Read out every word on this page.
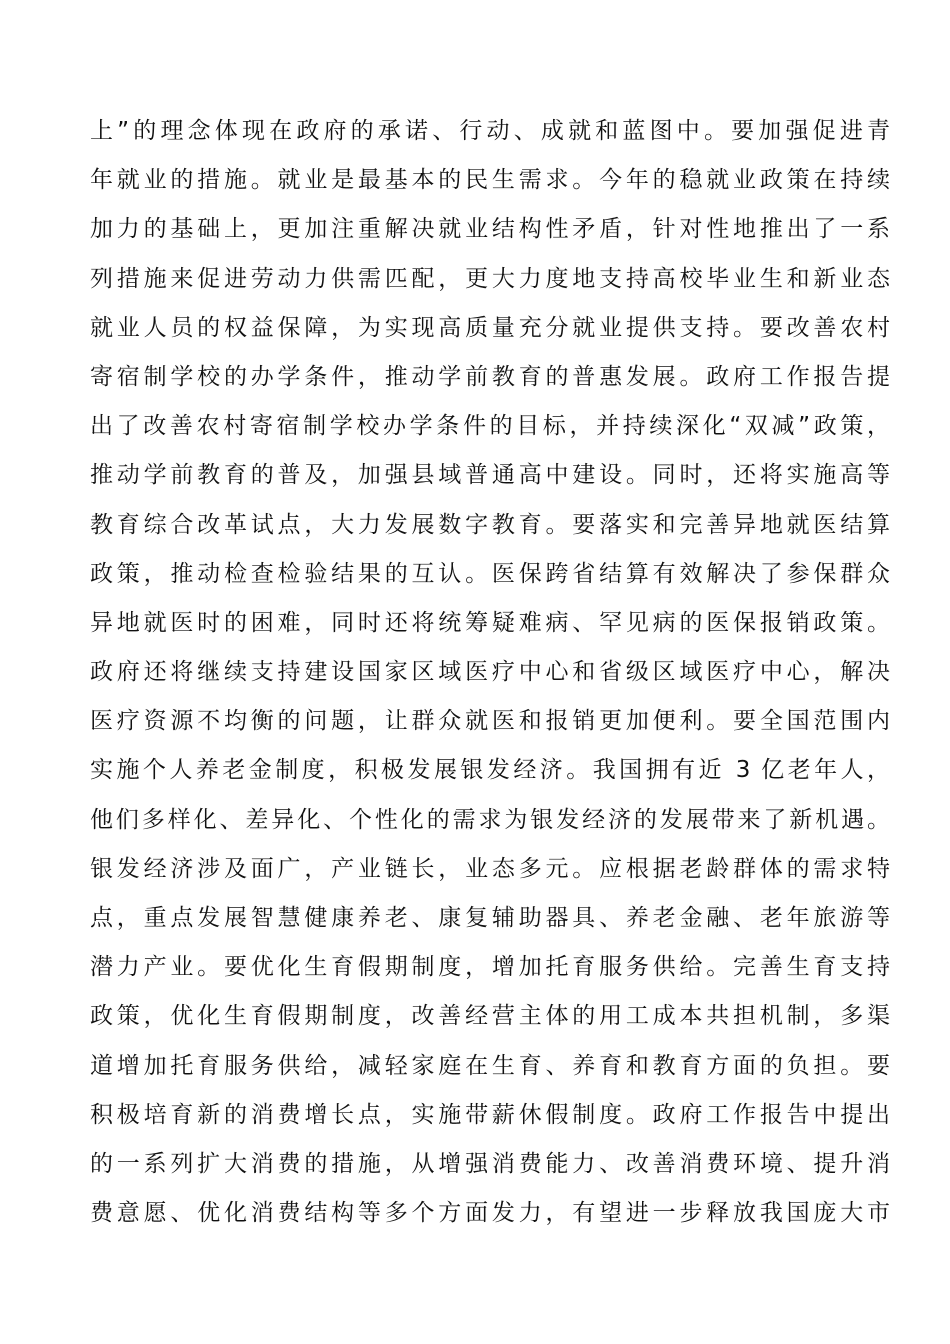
上”的理念体现在政府的承诺、行动、成就和蓝图中。要加强促进青
年就业的措施。就业是最基本的民生需求。今年的稳就业政策在持续
加力的基础上，更加注重解决就业结构性矛盾，针对性地推出了一系
列措施来促进劳动力供需匹配，更大力度地支持高校毕业生和新业态
就业人员的权益保障，为实现高质量充分就业提供支持。要改善农村
寄宿制学校的办学条件，推动学前教育的普惠发展。政府工作报告提
出了改善农村寄宿制学校办学条件的目标，并持续深化“双减”政策，
推动学前教育的普及，加强县域普通高中建设。同时，还将实施高等
教育综合改革试点，大力发展数字教育。要落实和完善异地就医结算
政策，推动检查检验结果的互认。医保跨省结算有效解决了参保群众
异地就医时的困难，同时还将统筹疑难病、罕见病的医保报销政策。
政府还将继续支持建设国家区域医疗中心和省级区域医疗中心，解决
医疗资源不均衡的问题，让群众就医和报销更加便利。要全国范围内
实施个人养老金制度，积极发展银发经济。我国拥有近 3 亿老年人，
他们多样化、差异化、个性化的需求为银发经济的发展带来了新机遇。
银发经济涉及面广，产业链长，业态多元。应根据老龄群体的需求特
点，重点发展智慧健康养老、康复辅助器具、养老金融、老年旅游等
潜力产业。要优化生育假期制度，增加托育服务供给。完善生育支持
政策，优化生育假期制度，改善经营主体的用工成本共担机制，多渠
道增加托育服务供给，减轻家庭在生育、养育和教育方面的负担。要
积极培育新的消费增长点，实施带薪休假制度。政府工作报告中提出
的一系列扩大消费的措施，从增强消费能力、改善消费环境、提升消
费意愿、优化消费结构等多个方面发力，有望进一步释放我国庞大市
